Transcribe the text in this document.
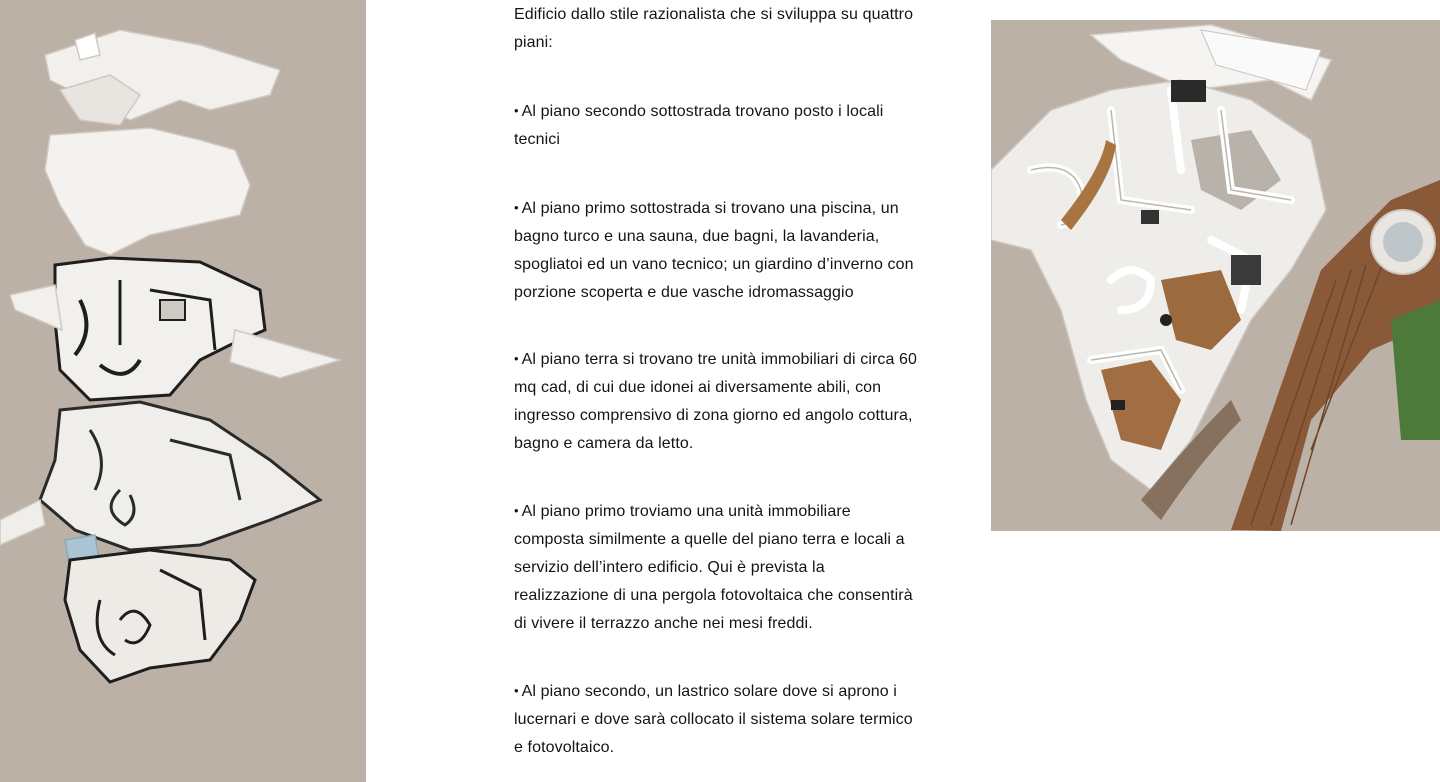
Edificio dallo stile razionalista che si sviluppa su quattro piani:

• Al piano secondo sottostrada trovano posto i locali tecnici

• Al piano primo sottostrada si trovano una piscina, un bagno turco e una sauna, due bagni, la lavanderia, spogliatoi ed un vano tecnico; un giardino d’inverno con porzione scoperta e due vasche idromassaggio

• Al piano terra si trovano tre unità immobiliari di circa 60 mq cad, di cui due idonei ai diversamente abili, con ingresso comprensivo di zona giorno ed angolo cottura, bagno e camera da letto.

• Al piano primo troviamo una unità immobiliare composta similmente a quelle del piano terra e locali a servizio dell’intero edificio. Qui è prevista la realizzazione di una pergola fotovoltaica che consentirà di vivere il terrazzo anche nei mesi freddi.

• Al piano secondo, un lastrico solare dove si aprono i lucernari e dove sarà collocato il sistema solare termico e fotovoltaico.
